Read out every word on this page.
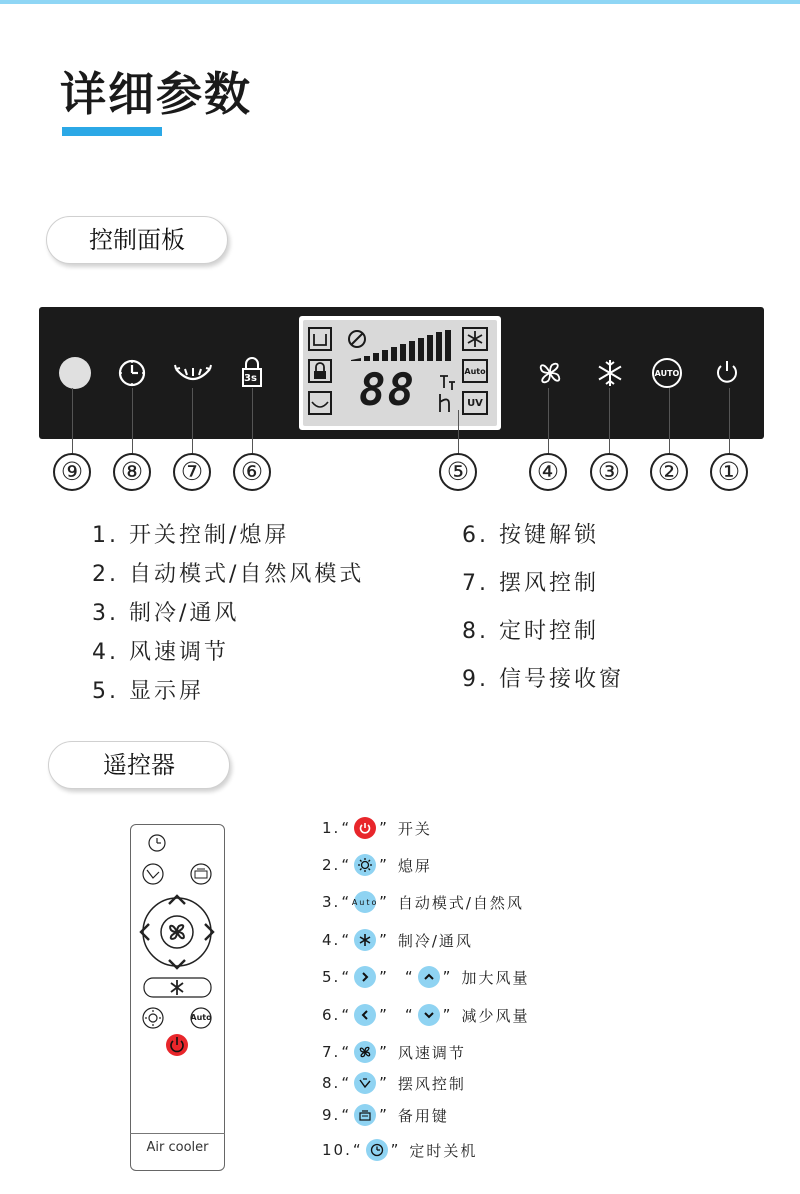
详细参数
控制面板
3s	AUTO
88	Auto
UV
⑨	⑧	⑦	⑥	⑤	④	③	②	①
1. 开关控制/熄屏
2. 自动模式/自然风模式
3. 制冷/通风
4. 风速调节
5. 显示屏
6. 按键解锁
7. 摆风控制
8. 定时控制
9. 信号接收窗
遥控器
Auto
Air cooler
1. “ ” 开关
2. “ ” 熄屏
3. “ Auto ” 自动模式/自然风
4. “ ” 制冷/通风
5. “ ” “ ” 加大风量
6. “ ” “ ” 减少风量
7. “ ” 风速调节
8. “ ” 摆风控制
9. “ ” 备用键
10. “ ” 定时关机
